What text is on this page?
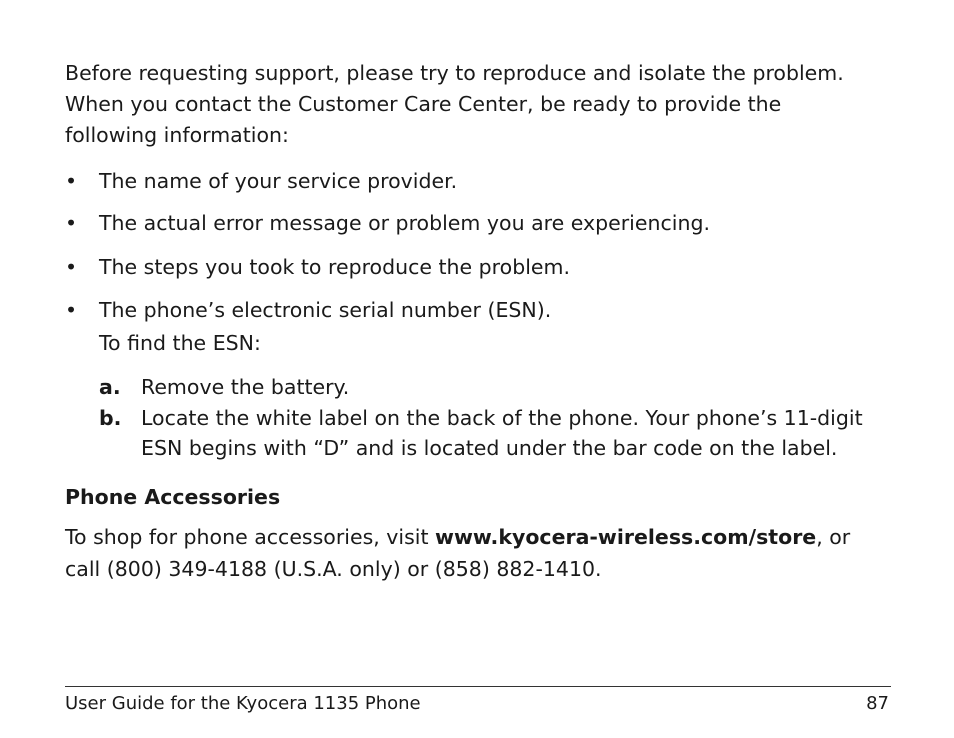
Before requesting support, please try to reproduce and isolate the problem.
When you contact the Customer Care Center, be ready to provide the
following information:
• The name of your service provider.
• The actual error message or problem you are experiencing.
• The steps you took to reproduce the problem.
• The phone’s electronic serial number (ESN).
To find the ESN:
a. Remove the battery.
b. Locate the white label on the back of the phone. Your phone’s 11-digit
ESN begins with “D” and is located under the bar code on the label.
Phone Accessories
To shop for phone accessories, visit www.kyocera-wireless.com/store, or
call (800) 349-4188 (U.S.A. only) or (858) 882-1410.
User Guide for the Kyocera 1135 Phone	87
